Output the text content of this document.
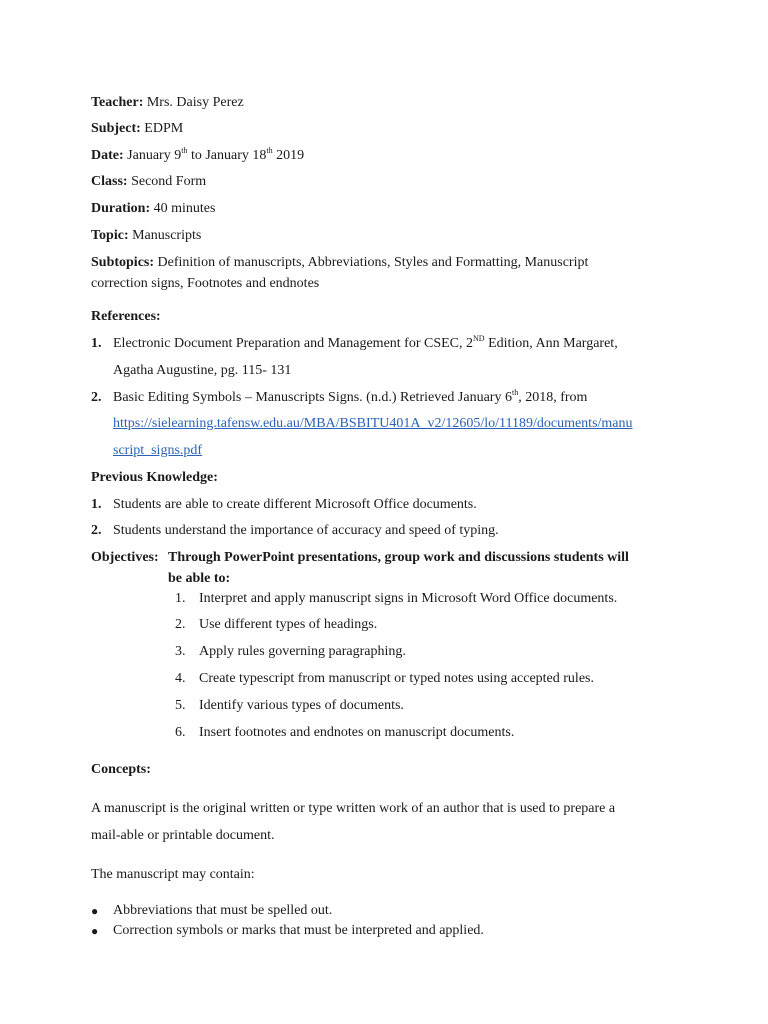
Teacher: Mrs. Daisy Perez
Subject: EDPM
Date: January 9th to January 18th 2019
Class: Second Form
Duration: 40 minutes
Topic: Manuscripts
Subtopics: Definition of manuscripts, Abbreviations, Styles and Formatting, Manuscript
correction signs, Footnotes and endnotes
References:
1. Electronic Document Preparation and Management for CSEC, 2ND Edition, Ann Margaret,
Agatha Augustine, pg. 115- 131
2. Basic Editing Symbols – Manuscripts Signs. (n.d.) Retrieved January 6th, 2018, from
https://sielearning.tafensw.edu.au/MBA/BSBITU401A_v2/12605/lo/11189/documents/manu
script_signs.pdf
Previous Knowledge:
1. Students are able to create different Microsoft Office documents.
2. Students understand the importance of accuracy and speed of typing.
Objectives: Through PowerPoint presentations, group work and discussions students will
be able to:
1. Interpret and apply manuscript signs in Microsoft Word Office documents.
2. Use different types of headings.
3. Apply rules governing paragraphing.
4. Create typescript from manuscript or typed notes using accepted rules.
5. Identify various types of documents.
6. Insert footnotes and endnotes on manuscript documents.
Concepts:
A manuscript is the original written or type written work of an author that is used to prepare a
mail-able or printable document.
The manuscript may contain:
● Abbreviations that must be spelled out.
● Correction symbols or marks that must be interpreted and applied.
